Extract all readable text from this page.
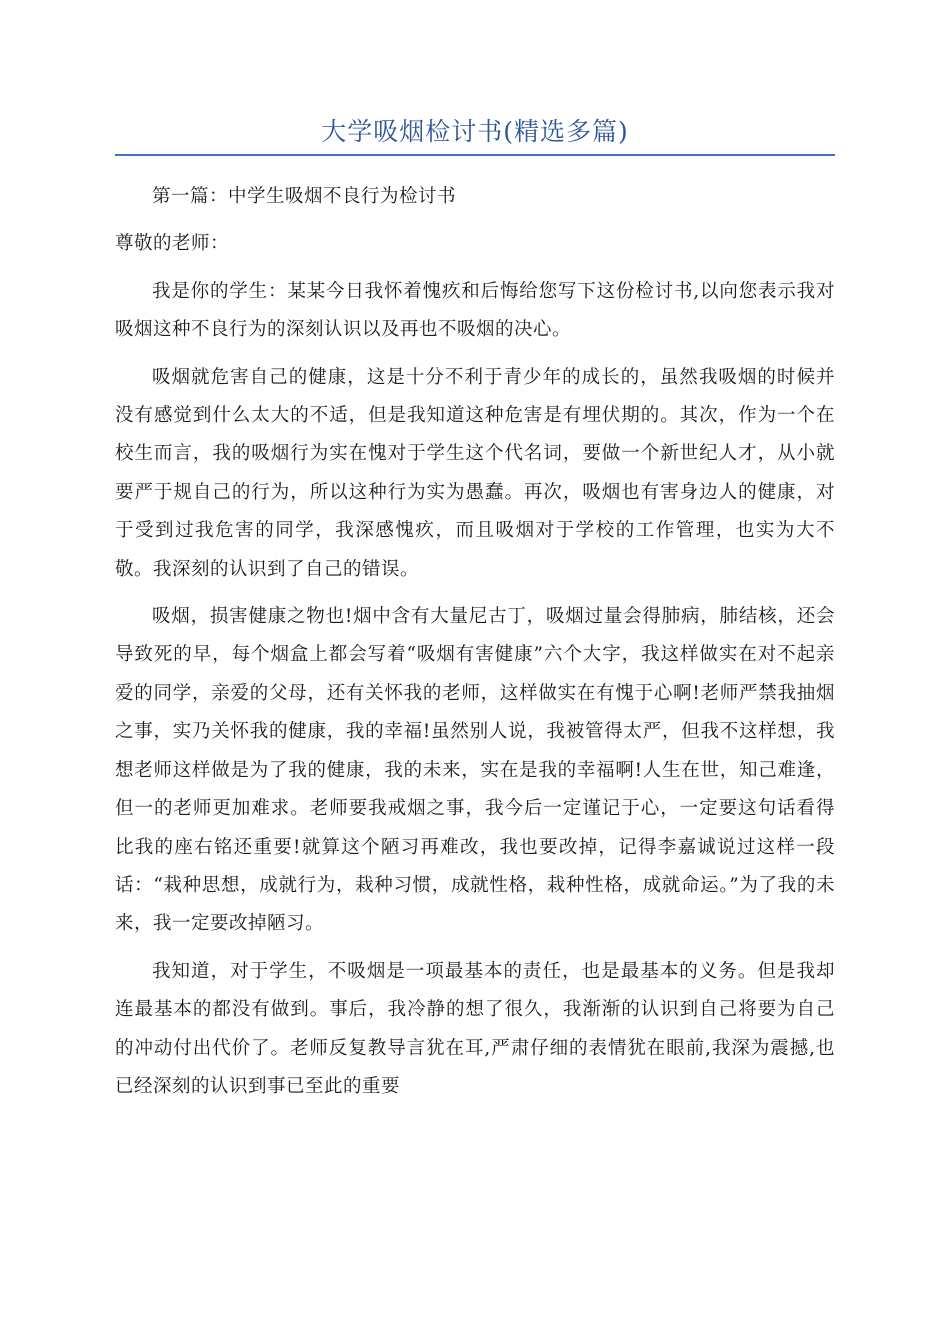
大学吸烟检讨书(精选多篇)

第一篇：中学生吸烟不良行为检讨书

尊敬的老师：

我是你的学生：某某今日我怀着愧疚和后悔给您写下这份检讨书,以向您表示我对吸烟这种不良行为的深刻认识以及再也不吸烟的决心。

吸烟就危害自己的健康，这是十分不利于青少年的成长的，虽然我吸烟的时候并没有感觉到什么太大的不适，但是我知道这种危害是有埋伏期的。其次，作为一个在校生而言，我的吸烟行为实在愧对于学生这个代名词，要做一个新世纪人才，从小就要严于规自己的行为，所以这种行为实为愚蠢。再次，吸烟也有害身边人的健康，对于受到过我危害的同学，我深感愧疚，而且吸烟对于学校的工作管理，也实为大不敬。我深刻的认识到了自己的错误。

吸烟，损害健康之物也!烟中含有大量尼古丁，吸烟过量会得肺病，肺结核，还会导致死的早，每个烟盒上都会写着“吸烟有害健康”六个大字，我这样做实在对不起亲爱的同学，亲爱的父母，还有关怀我的老师，这样做实在有愧于心啊!老师严禁我抽烟之事，实乃关怀我的健康，我的幸福!虽然别人说，我被管得太严，但我不这样想，我想老师这样做是为了我的健康，我的未来，实在是我的幸福啊!人生在世，知己难逢，但一的老师更加难求。老师要我戒烟之事，我今后一定谨记于心，一定要这句话看得比我的座右铭还重要!就算这个陋习再难改，我也要改掉，记得李嘉诚说过这样一段话：“栽种思想，成就行为，栽种习惯，成就性格，栽种性格，成就命运。”为了我的未来，我一定要改掉陋习。

我知道，对于学生，不吸烟是一项最基本的责任，也是最基本的义务。但是我却连最基本的都没有做到。事后，我冷静的想了很久，我渐渐的认识到自己将要为自己的冲动付出代价了。老师反复教导言犹在耳,严肃仔细的表情犹在眼前,我深为震撼,也已经深刻的认识到事已至此的重要
